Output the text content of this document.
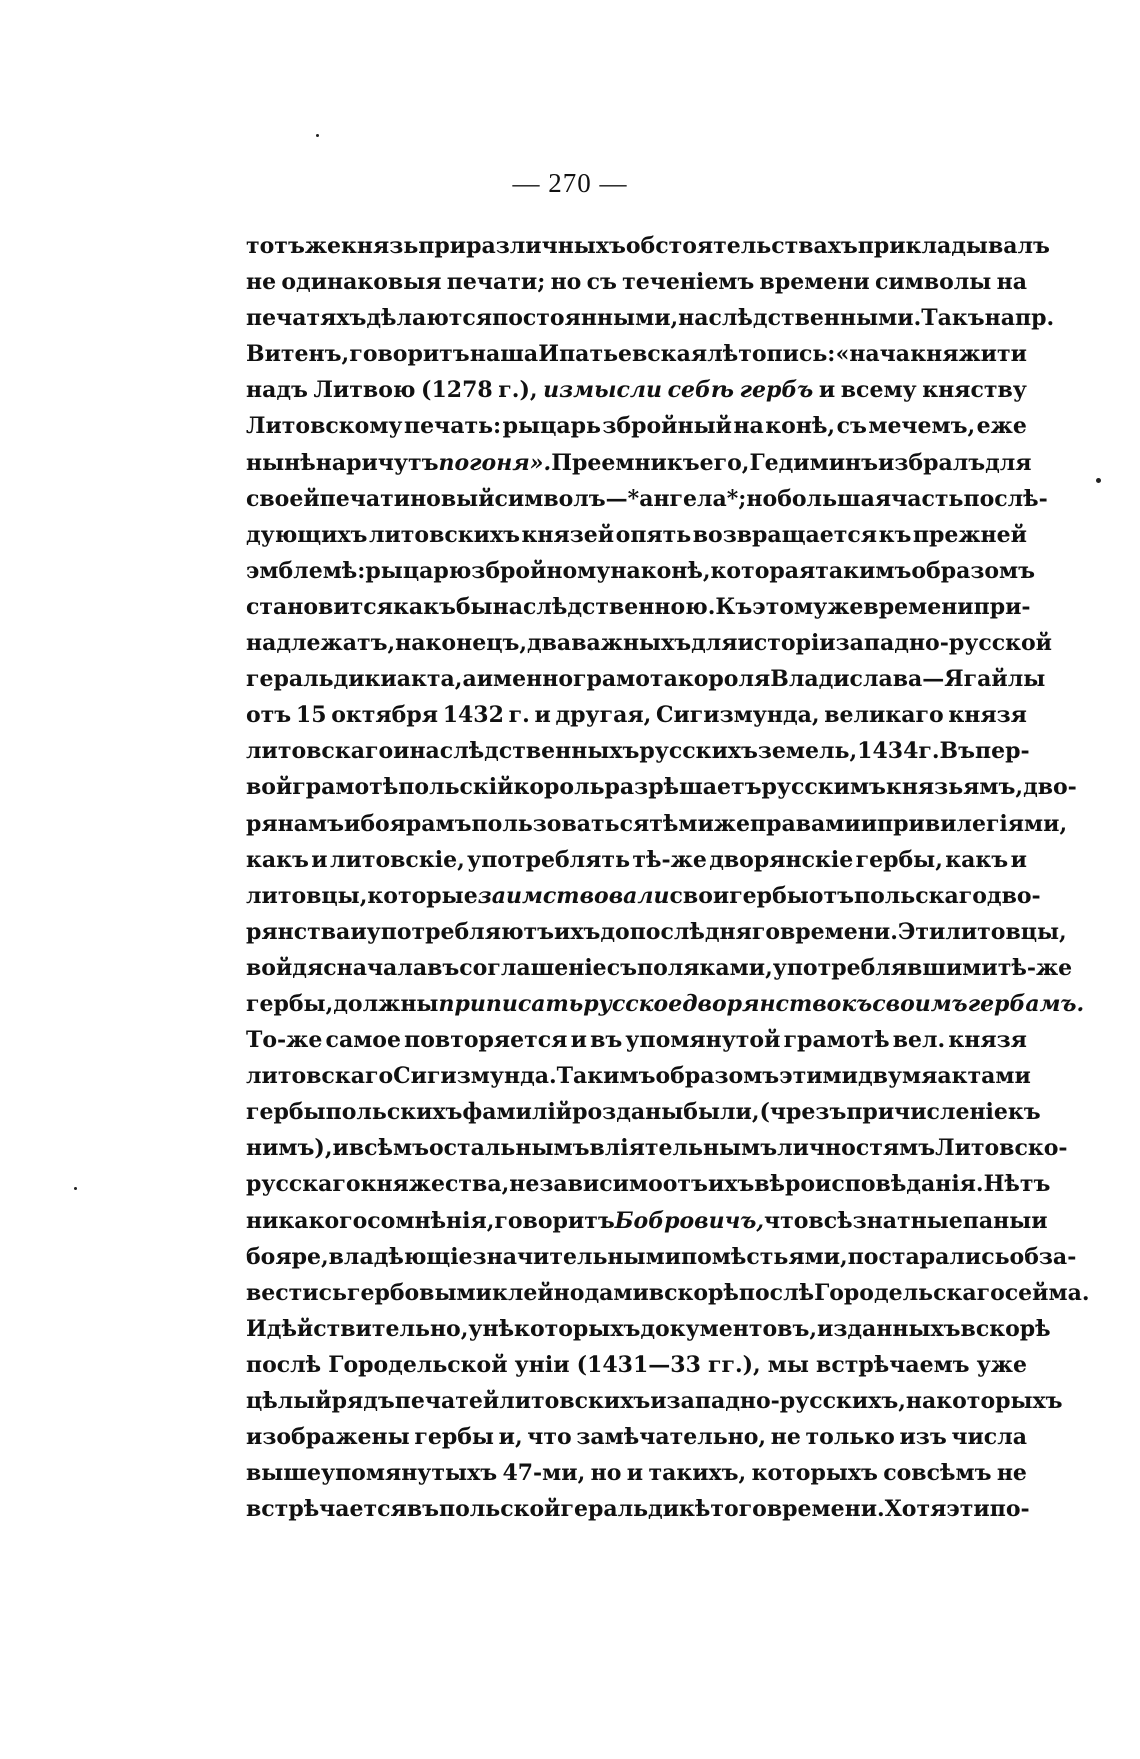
— 270 —
тотъ же князь при различныхъ обстоятельствахъ прикладывалъ
не одинаковыя печати; но съ теченіемъ времени символы на
печатяхъ дѣлаются постоянными, наслѣдственными. Такъ напр.
Витенъ, говоритъ наша Ипатьевская лѣтопись: «нача княжити
надъ Литвою (1278 г.), измысли себѣ гербъ и всему княству
Литовскому печать: рыцарь збройный на конѣ, съ мечемъ, еже
нынѣ наричутъ погоня». Преемникъ его, Гедиминъ избралъ для
своей печати новый символъ—*ангела*; но большая часть послѣ-
дующихъ литовскихъ князей опять возвращается къ прежней
эмблемѣ: рыцарю збройному на конѣ, которая такимъ образомъ
становится какъ бы наслѣдственною. Къ этому же времени при-
надлежатъ, наконецъ, два важныхъ для исторіи западно-русской
геральдики акта, а именно грамота короля Владислава—Ягайлы
отъ 15 октября 1432 г. и другая, Сигизмунда, великаго князя
литовскаго и наслѣдственныхъ русскихъ земель, 1434 г. Въ пер-
вой грамотѣ польскій король разрѣшаетъ русскимъ князьямъ, дво-
рянамъ и боярамъ пользоваться тѣми же правами и привилегіями,
какъ и литовскіе, употреблять тѣ-же дворянскіе гербы, какъ и
литовцы, которые заимствовали свои гербы отъ польскаго дво-
рянства и употребляютъ ихъ до послѣдняго времени. Эти литовцы,
войдя сначала въ соглашеніе съ поляками, употреблявшими тѣ-же
гербы, должны приписать русское дворянство къ своимъ гербамъ.
То-же самое повторяется и въ упомянутой грамотѣ вел. князя
литовскаго Сигизмунда. Такимъ образомъ этими двумя актами
гербы польскихъ фамилій розданы были, (чрезъ причисленіе къ
нимъ), и всѣмъ остальнымъ вліятельнымъ личностямъ Литовско-
русскаго княжества, независимо отъ ихъ вѣроисповѣданія. Нѣтъ
никакого сомнѣнія, говоритъ Бобровичъ, что всѣ знатные паны и
бояре, владѣющіе значительными помѣстьями, постарались обза-
вестись гербовыми клейнодами вскорѣ послѣ Городельскаго сейма.
И дѣйствительно, у нѣкоторыхъ документовъ, изданныхъ вскорѣ
послѣ Городельской уніи (1431—33 гг.), мы встрѣчаемъ уже
цѣлый рядъ печатей литовскихъ и западно-русскихъ, на которыхъ
изображены гербы и, что замѣчательно, не только изъ числа
вышеупомянутыхъ 47-ми, но и такихъ, которыхъ совсѣмъ не
встрѣчается въ польской геральдикѣ того времени. Хотя эти по-
